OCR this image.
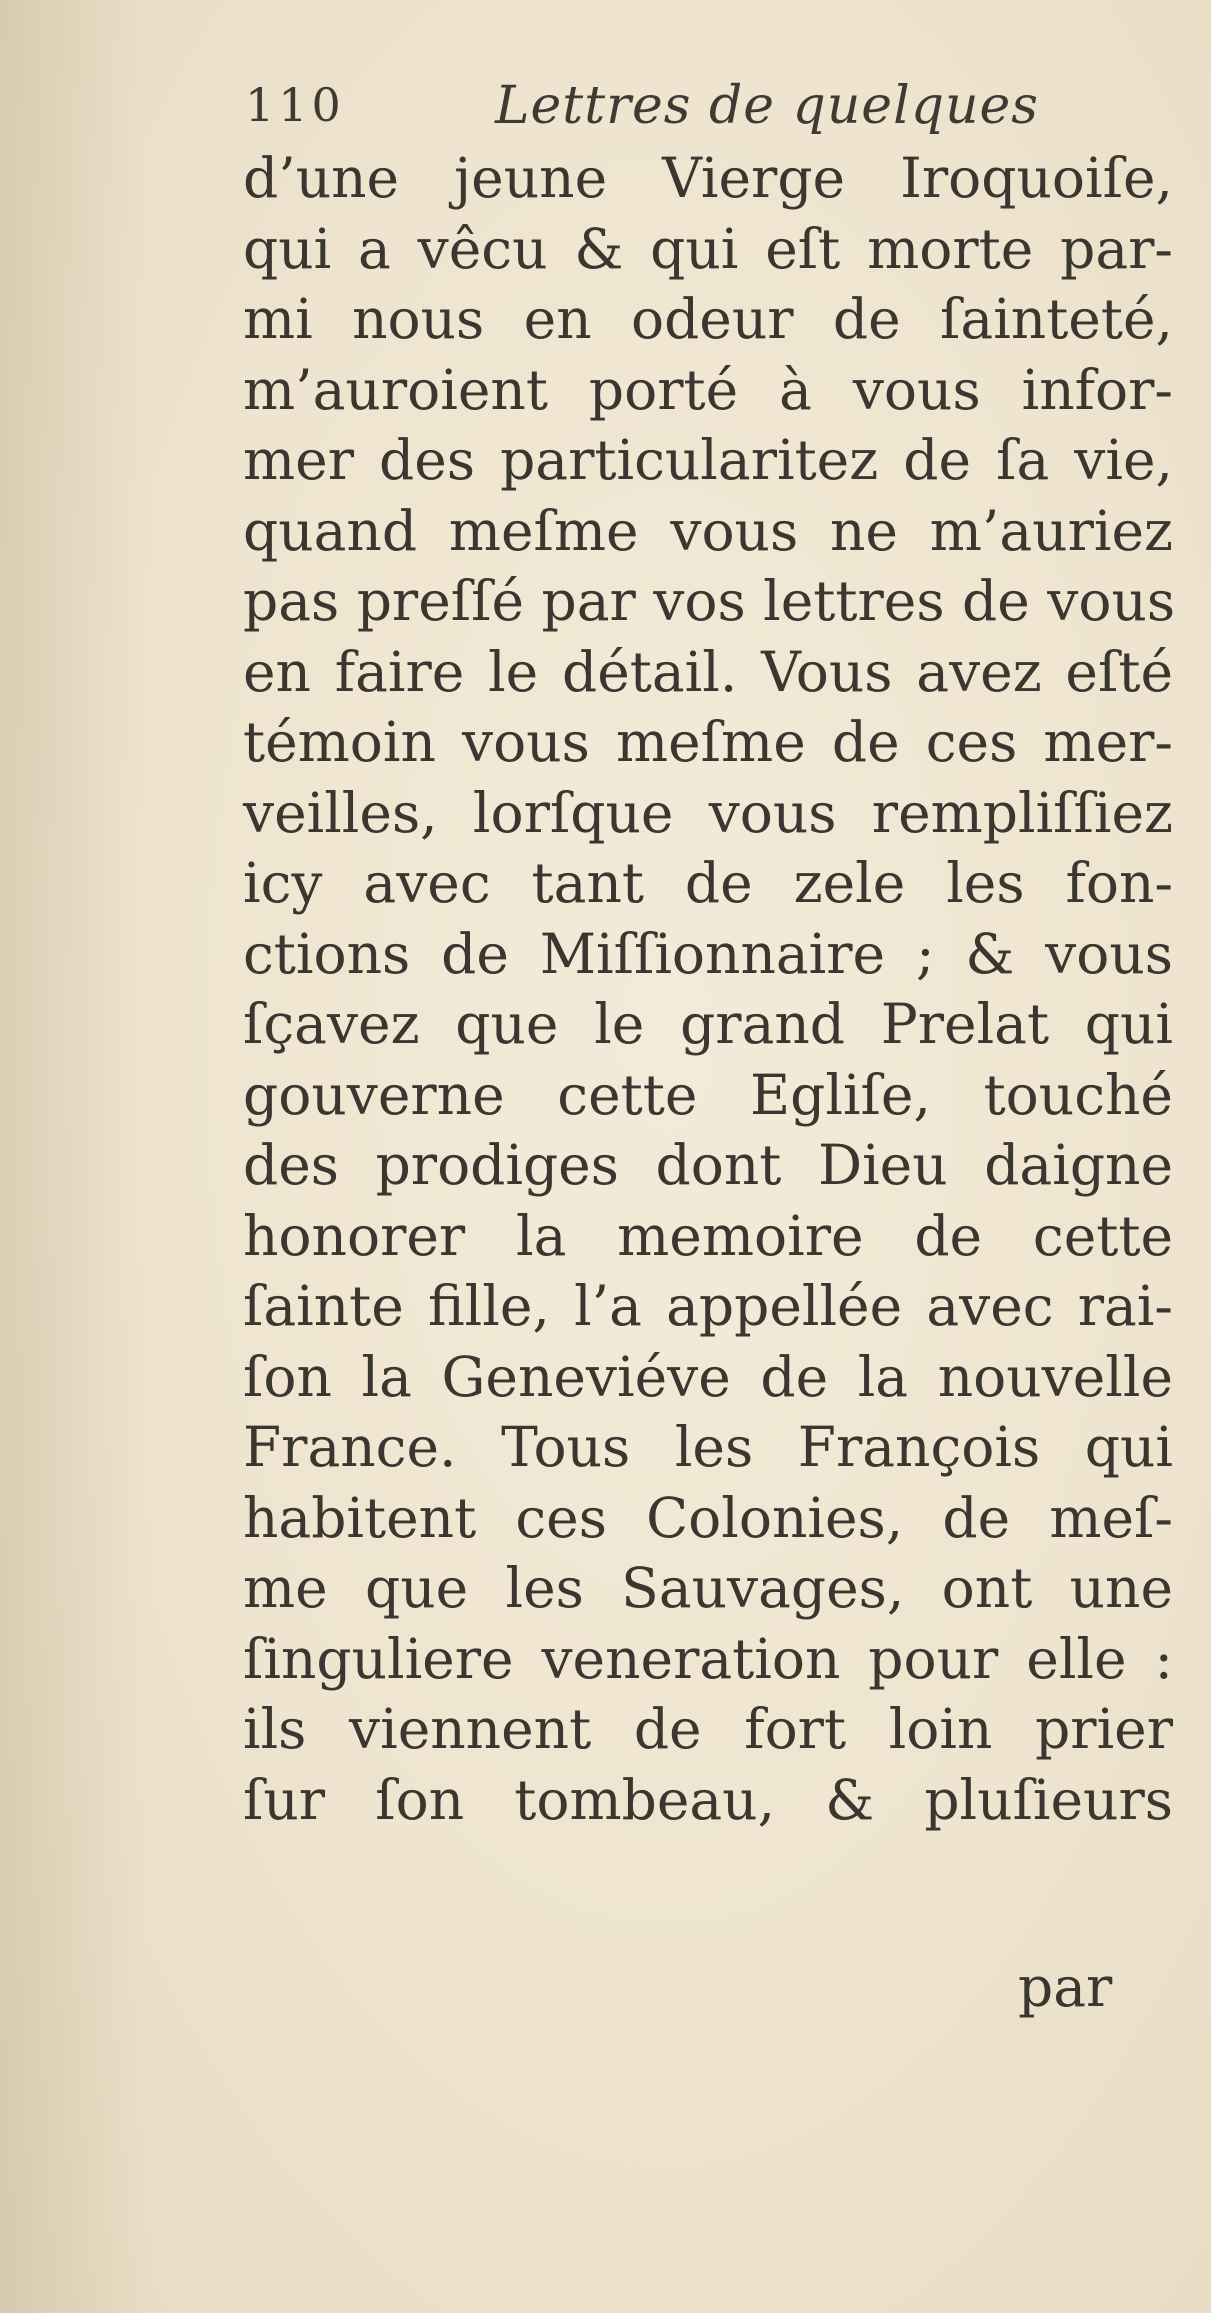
110	Lettres de quelques
d’une jeune Vierge Iroquoiſe,
qui a vêcu & qui eſt morte par-
mi nous en odeur de ſainteté,
m’auroient porté à vous infor-
mer des particularitez de ſa vie,
quand meſme vous ne m’auriez
pas preſſé par vos lettres de vous
en faire le détail. Vous avez eſté
témoin vous meſme de ces mer-
veilles, lorſque vous rempliſſiez
icy avec tant de zele les fon-
ctions de Miſſionnaire ; & vous
ſçavez que le grand Prelat qui
gouverne cette Egliſe, touché
des prodiges dont Dieu daigne
honorer la memoire de cette
ſainte fille, l’a appellée avec rai-
ſon la Geneviéve de la nouvelle
France. Tous les François qui
habitent ces Colonies, de meſ-
me que les Sauvages, ont une
ſinguliere veneration pour elle :
ils viennent de fort loin prier
ſur ſon tombeau, & pluſieurs
par
